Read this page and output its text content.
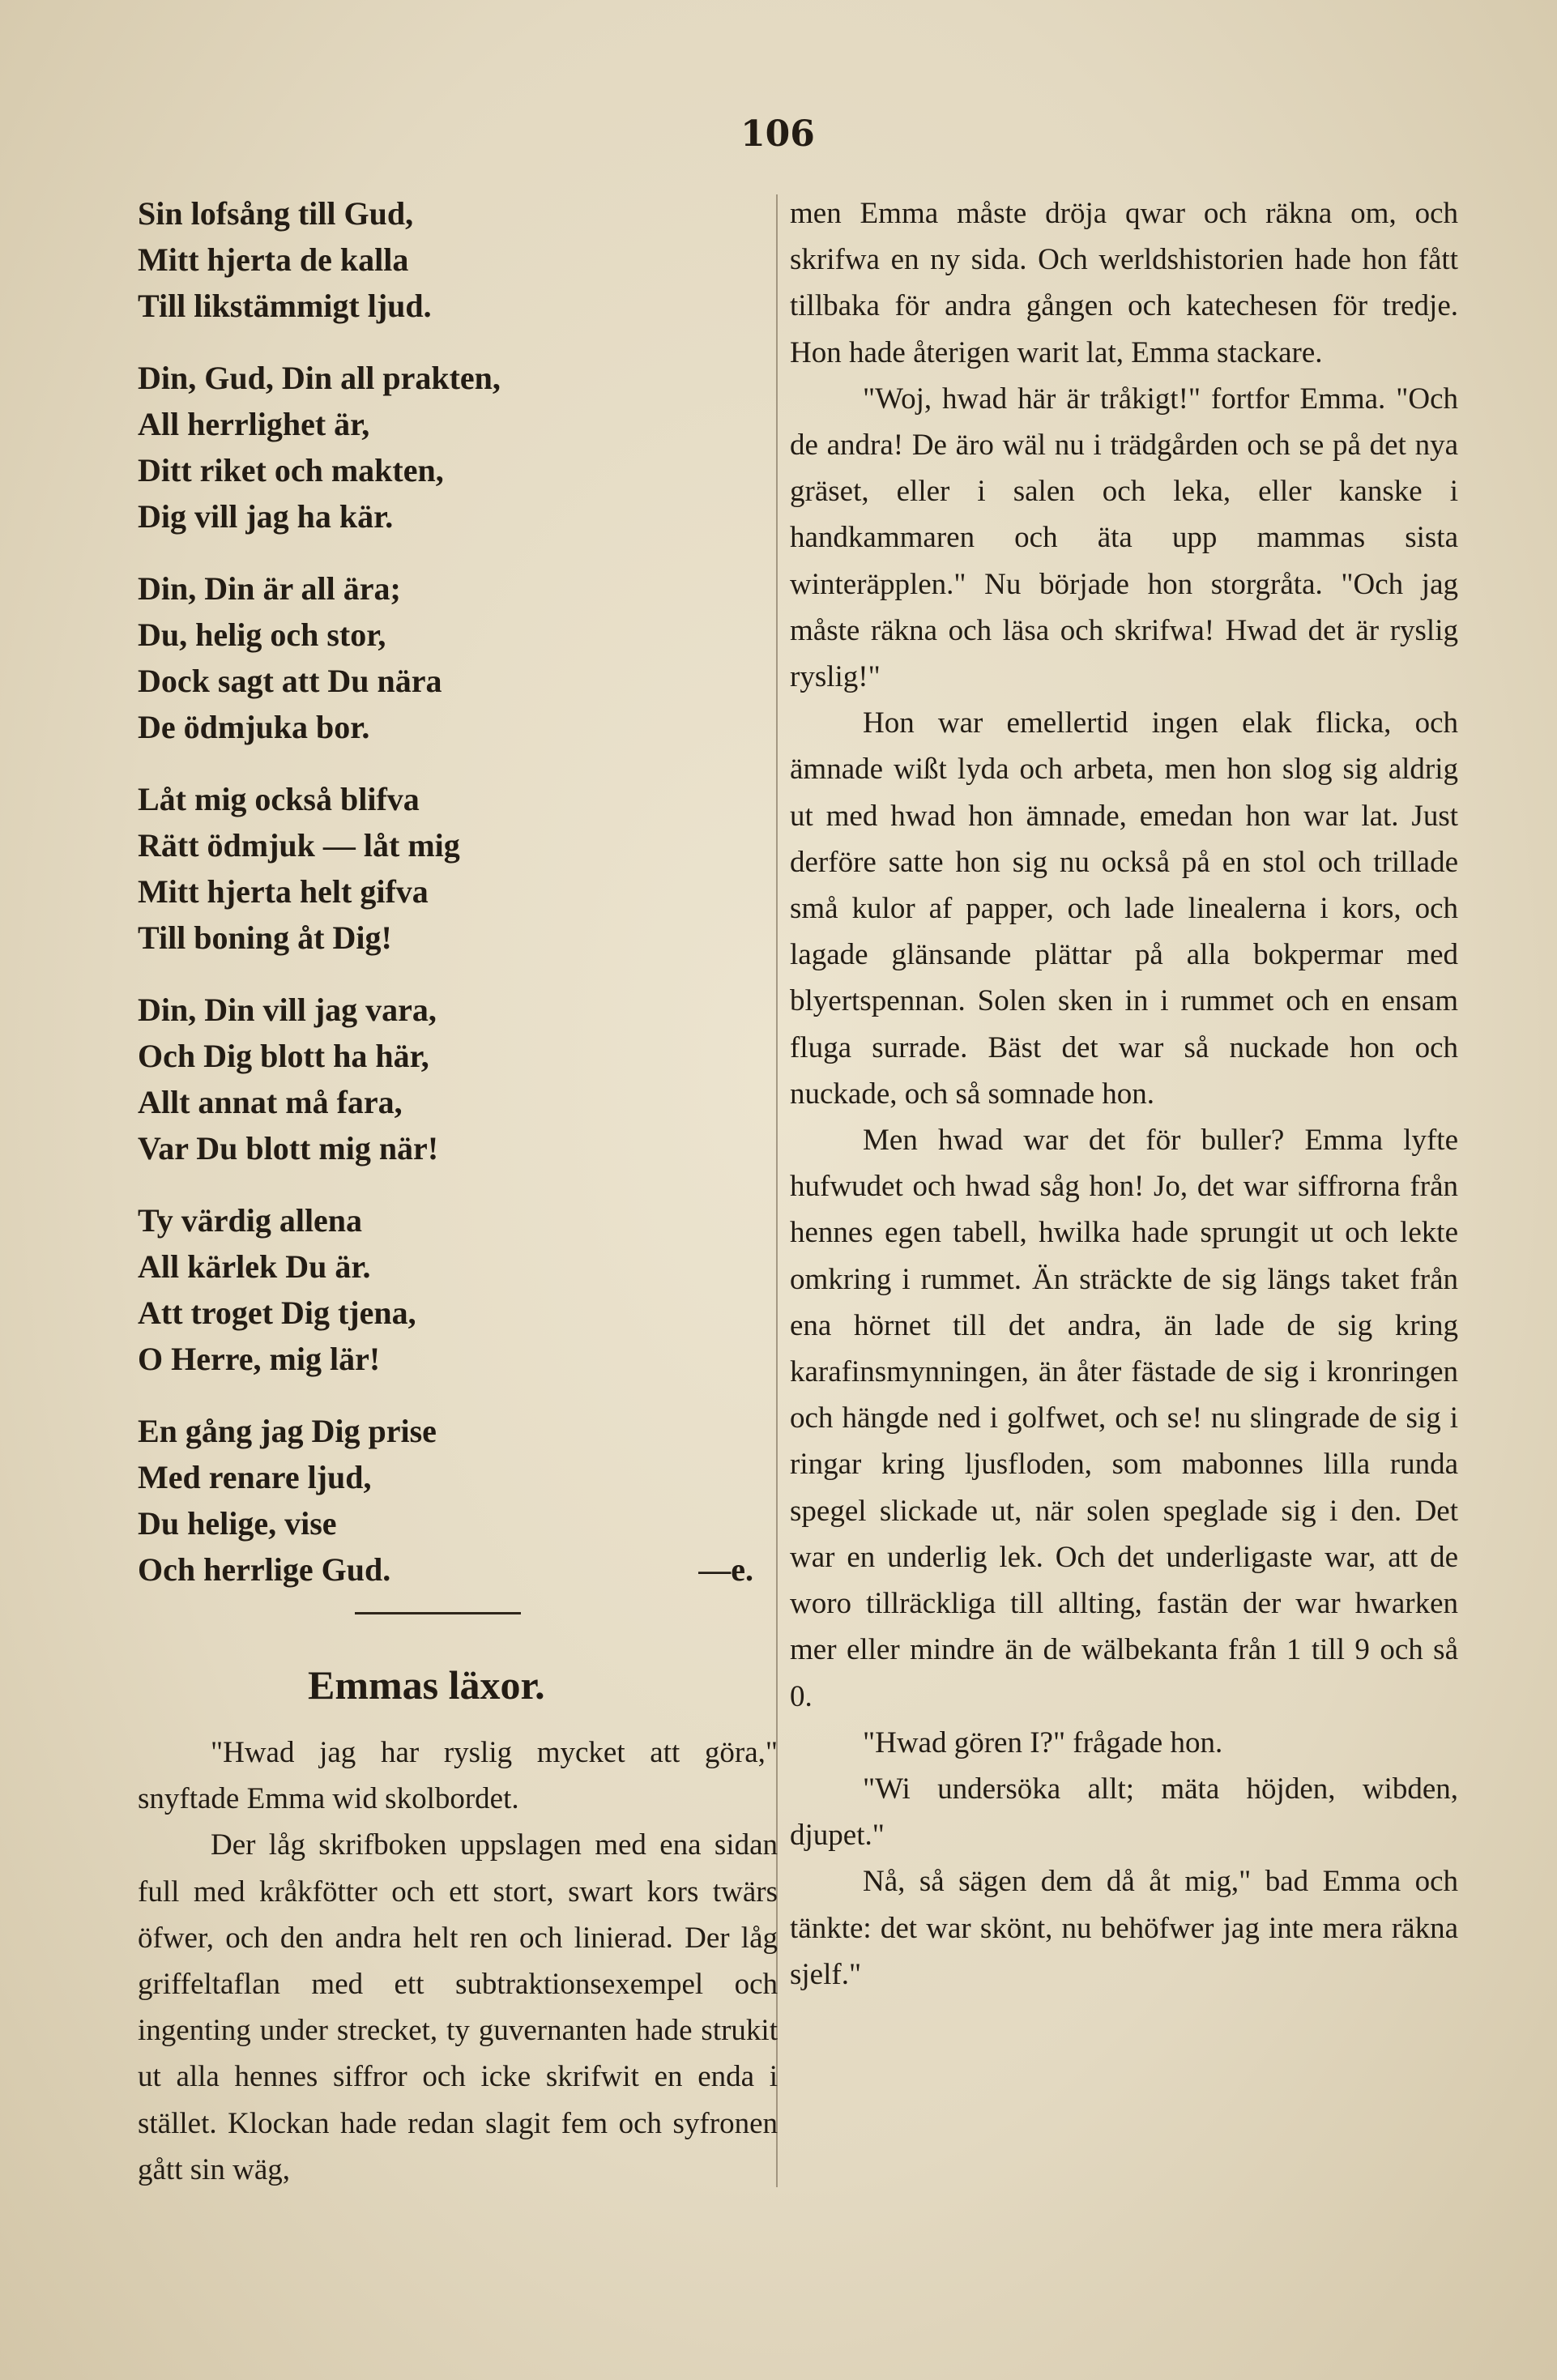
106
Sin lofsång till Gud,
Mitt hjerta de kalla
Till likstämmigt ljud.
Din, Gud, Din all prakten,
All herrlighet är,
Ditt riket och makten,
Dig vill jag ha kär.
Din, Din är all ära;
Du, helig och stor,
Dock sagt att Du nära
De ödmjuka bor.
Låt mig också blifva
Rätt ödmjuk — låt mig
Mitt hjerta helt gifva
Till boning åt Dig!
Din, Din vill jag vara,
Och Dig blott ha här,
Allt annat må fara,
Var Du blott mig när!
Ty värdig allena
All kärlek Du är.
Att troget Dig tjena,
O Herre, mig lär!
En gång jag Dig prise
Med renare ljud,
Du helige, vise
Och herrlige Gud.	—e.
Emmas läxor.

"Hwad jag har ryslig mycket att göra," snyftade Emma wid skolbordet.

Der låg skrifboken uppslagen med ena sidan full med kråkfötter och ett stort, swart kors twärs öfwer, och den andra helt ren och linierad. Der låg griffeltaflan med ett subtraktionsexempel och ingenting under strecket, ty guvernanten hade strukit ut alla hennes siffror och icke skrifwit en enda i stället. Klockan hade redan slagit fem och syfronen gått sin wäg,

men Emma måste dröja qwar och räkna om, och skrifwa en ny sida. Och werldshistorien hade hon fått tillbaka för andra gången och katechesen för tredje. Hon hade återigen warit lat, Emma stackare.

"Woj, hwad här är tråkigt!" fortfor Emma. "Och de andra! De äro wäl nu i trädgården och se på det nya gräset, eller i salen och leka, eller kanske i handkammaren och äta upp mammas sista winteräpplen." Nu började hon storgråta. "Och jag måste räkna och läsa och skrifwa! Hwad det är ryslig ryslig!"

Hon war emellertid ingen elak flicka, och ämnade wißt lyda och arbeta, men hon slog sig aldrig ut med hwad hon ämnade, emedan hon war lat. Just derföre satte hon sig nu också på en stol och trillade små kulor af papper, och lade linealerna i kors, och lagade glänsande plättar på alla bokpermar med blyertspennan. Solen sken in i rummet och en ensam fluga surrade. Bäst det war så nuckade hon och nuckade, och så somnade hon.

Men hwad war det för buller? Emma lyfte hufwudet och hwad såg hon! Jo, det war siffrorna från hennes egen tabell, hwilka hade sprungit ut och lekte omkring i rummet. Än sträckte de sig längs taket från ena hörnet till det andra, än lade de sig kring karafinsmynningen, än åter fästade de sig i kronringen och hängde ned i golfwet, och se! nu slingrade de sig i ringar kring ljusfloden, som mabonnes lilla runda spegel slickade ut, när solen speglade sig i den. Det war en underlig lek. Och det underligaste war, att de woro tillräckliga till allting, fastän der war hwarken mer eller mindre än de wälbekanta från 1 till 9 och så 0.

"Hwad gören I?" frågade hon.

"Wi undersöka allt; mäta höjden, wibden, djupet."

Nå, så sägen dem då åt mig," bad Emma och tänkte: det war skönt, nu behöfwer jag inte mera räkna sjelf."
